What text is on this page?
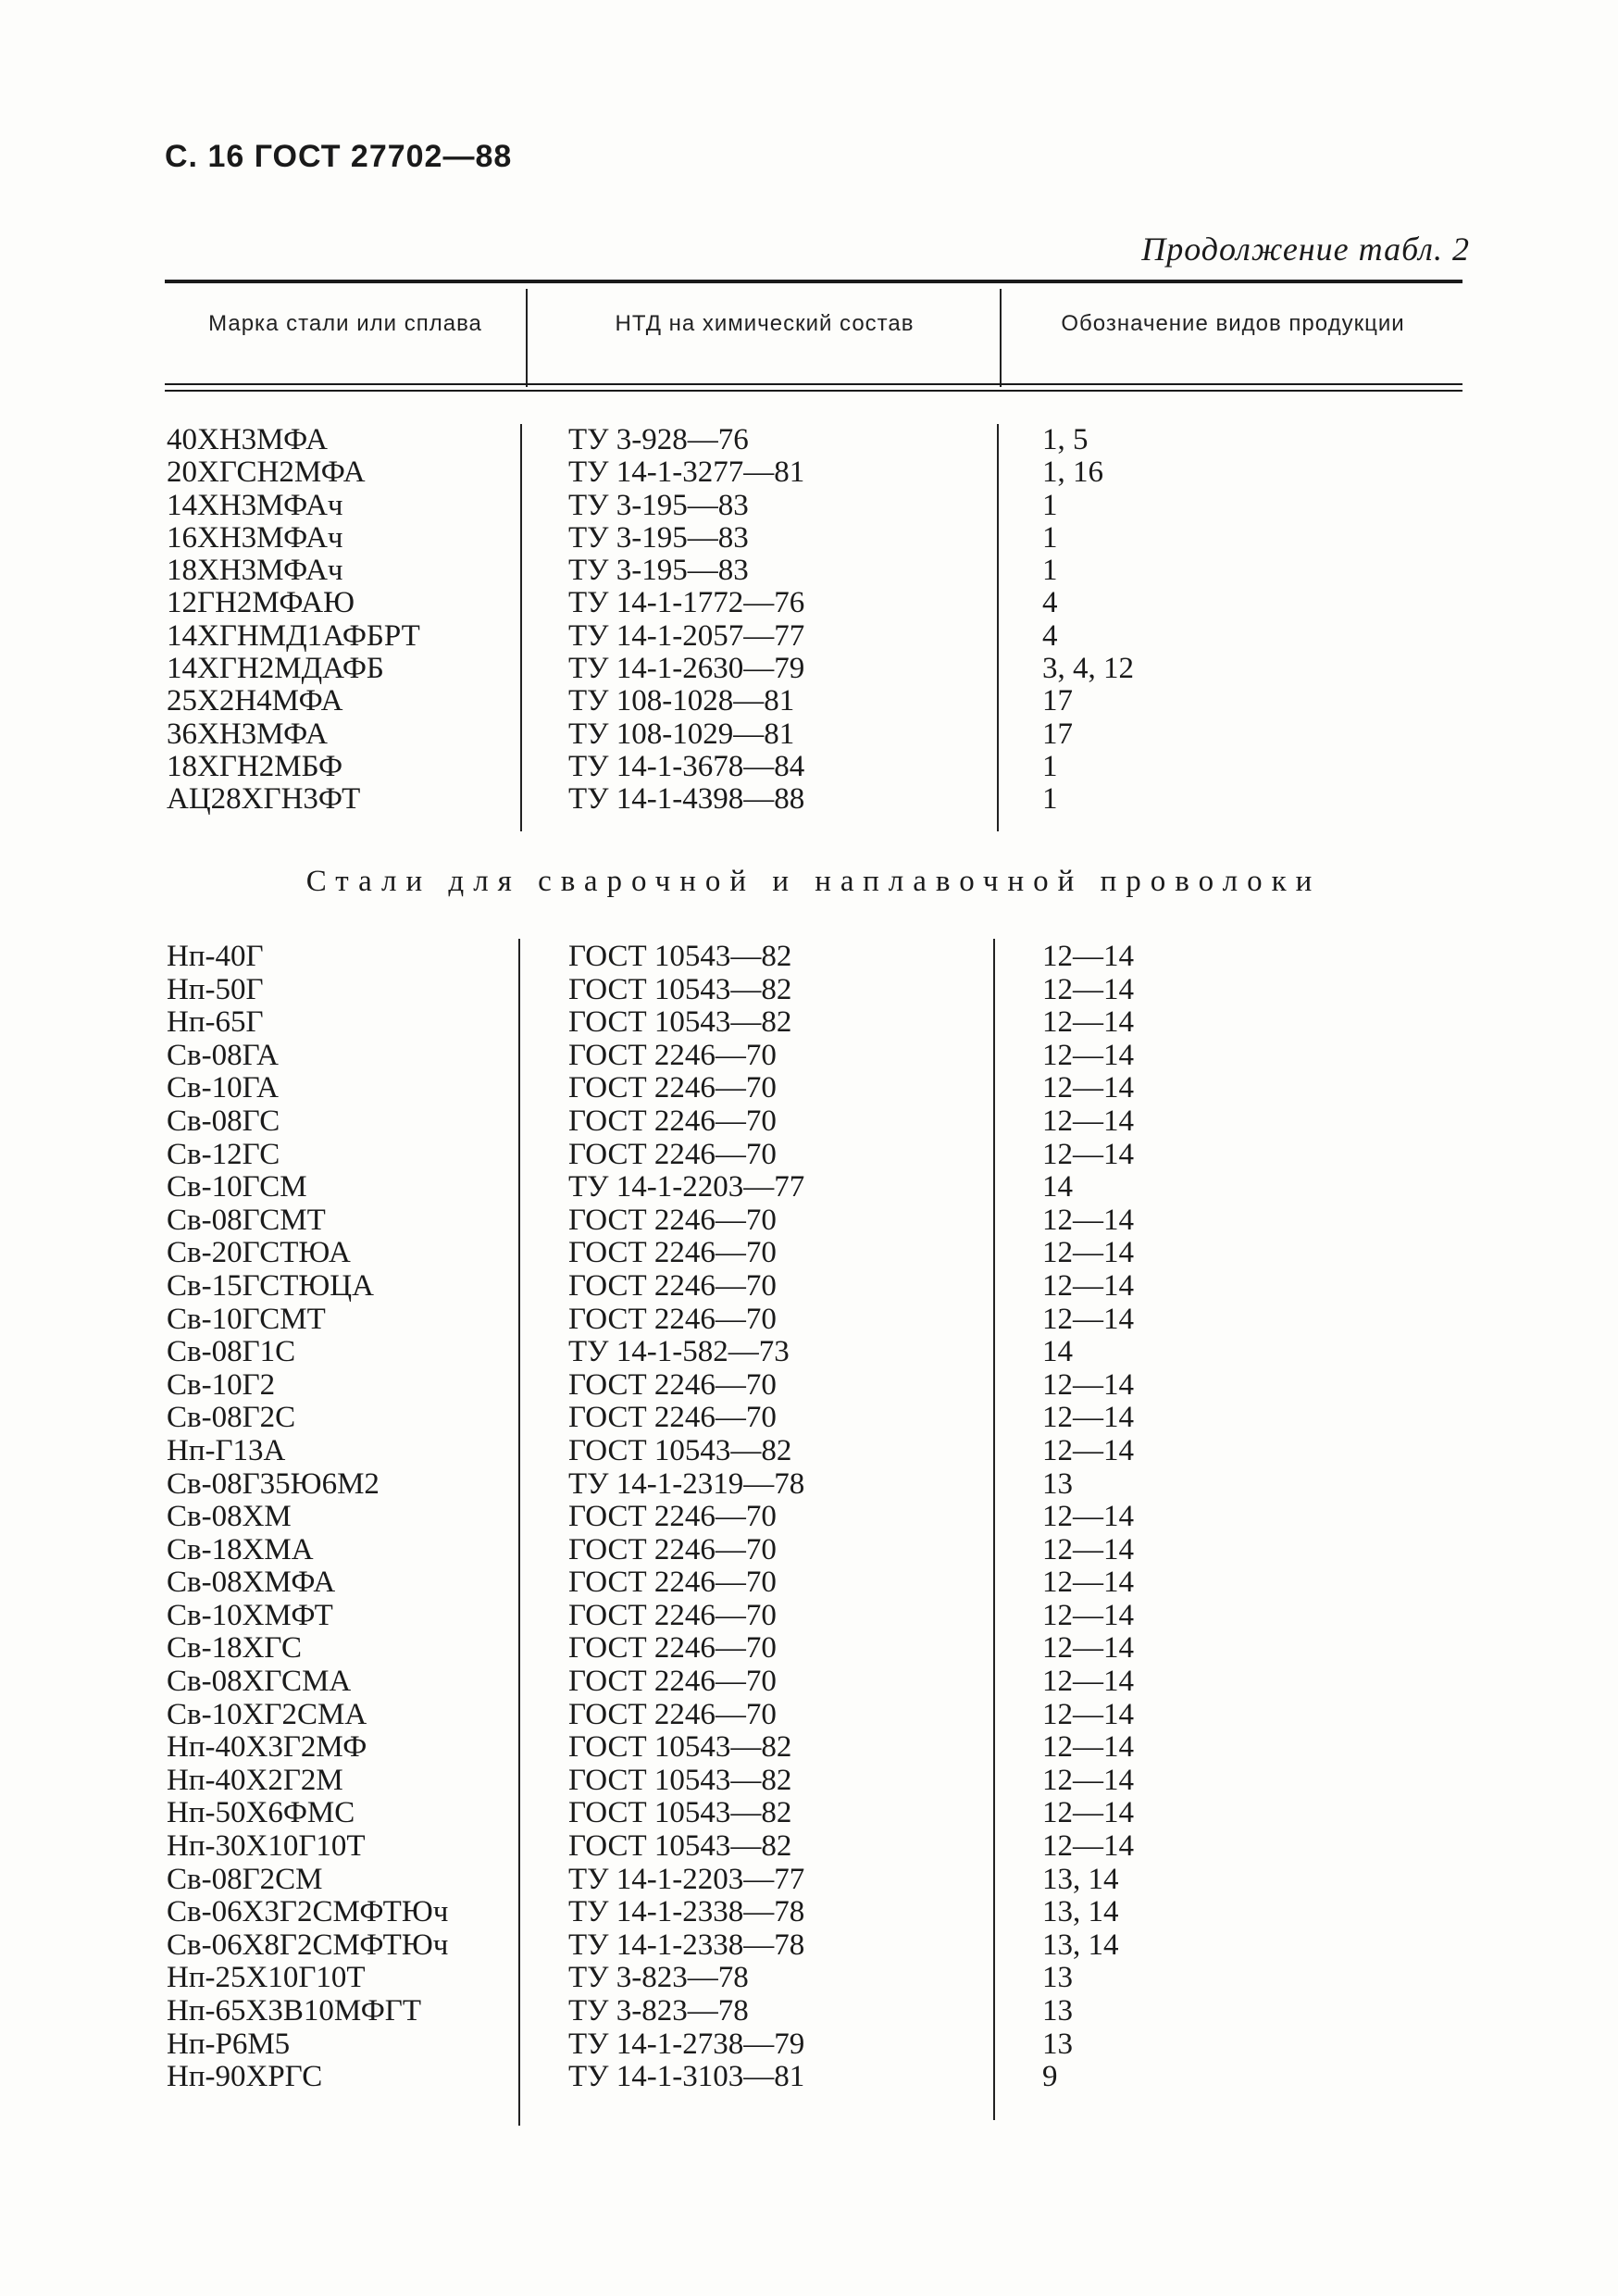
С. 16 ГОСТ 27702—88
Продолжение табл. 2
Марка стали или сплава	НТД на химический состав	Обозначение видов продукции
40ХН3МФА	ТУ 3-928—76	1, 5
20ХГСН2МФА	ТУ 14-1-3277—81	1, 16
14ХН3МФАч	ТУ 3-195—83	1
16ХН3МФАч	ТУ 3-195—83	1
18ХН3МФАч	ТУ 3-195—83	1
12ГН2МФАЮ	ТУ 14-1-1772—76	4
14ХГНМД1АФБРТ	ТУ 14-1-2057—77	4
14ХГН2МДАФБ	ТУ 14-1-2630—79	3, 4, 12
25Х2Н4МФА	ТУ 108-1028—81	17
36ХН3МФА	ТУ 108-1029—81	17
18ХГН2МБФ	ТУ 14-1-3678—84	1
АЦ28ХГН3ФТ	ТУ 14-1-4398—88	1
Стали для сварочной и наплавочной проволоки
Нп-40Г	ГОСТ 10543—82	12—14
Нп-50Г	ГОСТ 10543—82	12—14
Нп-65Г	ГОСТ 10543—82	12—14
Св-08ГА	ГОСТ 2246—70	12—14
Св-10ГА	ГОСТ 2246—70	12—14
Св-08ГС	ГОСТ 2246—70	12—14
Св-12ГС	ГОСТ 2246—70	12—14
Св-10ГСМ	ТУ 14-1-2203—77	14
Св-08ГСМТ	ГОСТ 2246—70	12—14
Св-20ГСТЮА	ГОСТ 2246—70	12—14
Св-15ГСТЮЦА	ГОСТ 2246—70	12—14
Св-10ГСМТ	ГОСТ 2246—70	12—14
Св-08Г1С	ТУ 14-1-582—73	14
Св-10Г2	ГОСТ 2246—70	12—14
Св-08Г2С	ГОСТ 2246—70	12—14
Нп-Г13А	ГОСТ 10543—82	12—14
Св-08Г35Ю6М2	ТУ 14-1-2319—78	13
Св-08ХМ	ГОСТ 2246—70	12—14
Св-18ХМА	ГОСТ 2246—70	12—14
Св-08ХМФА	ГОСТ 2246—70	12—14
Св-10ХМФТ	ГОСТ 2246—70	12—14
Св-18ХГС	ГОСТ 2246—70	12—14
Св-08ХГСМА	ГОСТ 2246—70	12—14
Св-10ХГ2СМА	ГОСТ 2246—70	12—14
Нп-40Х3Г2МФ	ГОСТ 10543—82	12—14
Нп-40Х2Г2М	ГОСТ 10543—82	12—14
Нп-50Х6ФМС	ГОСТ 10543—82	12—14
Нп-30Х10Г10Т	ГОСТ 10543—82	12—14
Св-08Г2СМ	ТУ 14-1-2203—77	13, 14
Св-06Х3Г2СМФТЮч	ТУ 14-1-2338—78	13, 14
Св-06Х8Г2СМФТЮч	ТУ 14-1-2338—78	13, 14
Нп-25Х10Г10Т	ТУ 3-823—78	13
Нп-65Х3В10МФГТ	ТУ 3-823—78	13
Нп-Р6М5	ТУ 14-1-2738—79	13
Нп-90ХРГС	ТУ 14-1-3103—81	9
